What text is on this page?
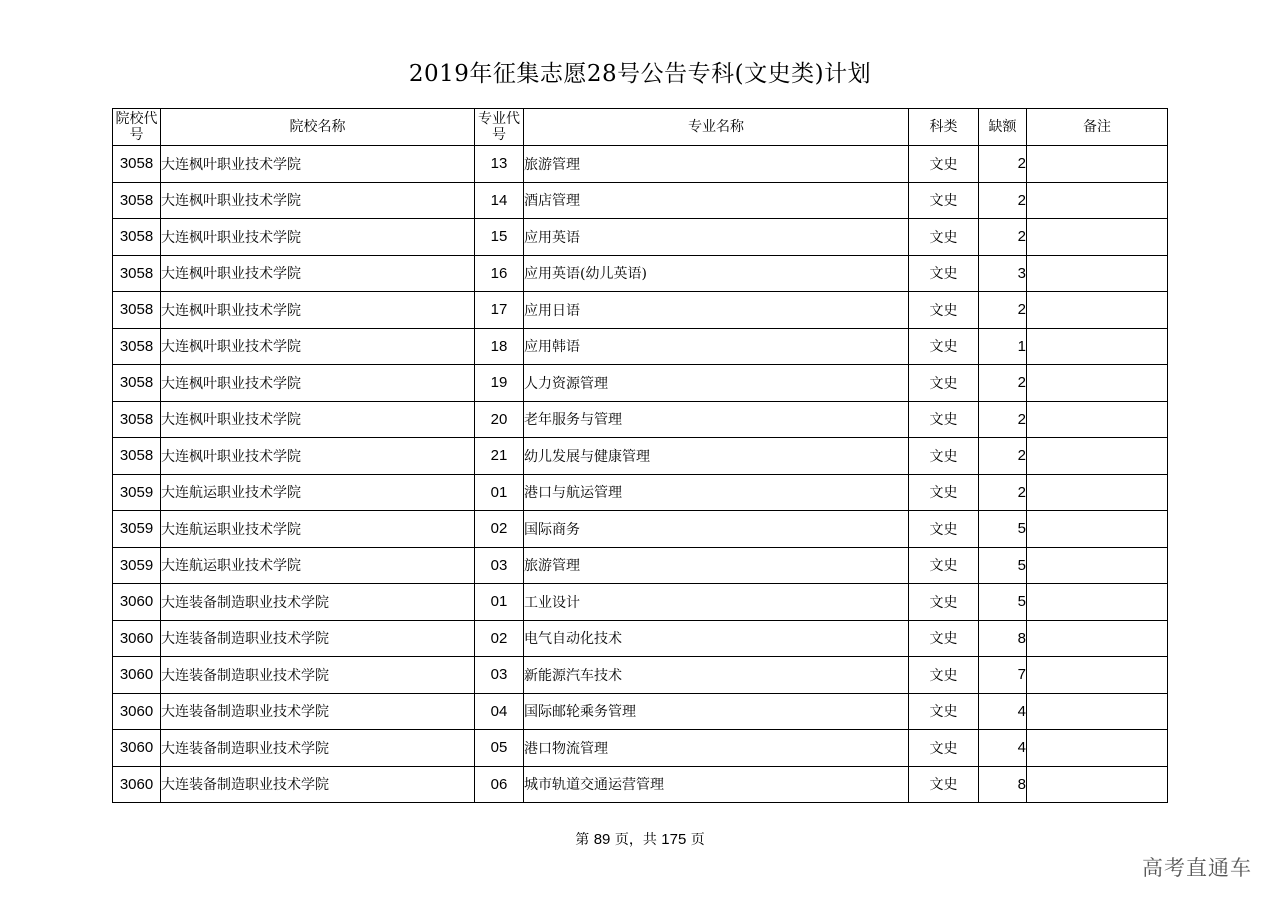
2019年征集志愿28号公告专科(文史类)计划
院校代号	院校名称	专业代号	专业名称	科类	缺额	备注
3058	大连枫叶职业技术学院	13	旅游管理	文史	2	
3058	大连枫叶职业技术学院	14	酒店管理	文史	2	
3058	大连枫叶职业技术学院	15	应用英语	文史	2	
3058	大连枫叶职业技术学院	16	应用英语(幼儿英语)	文史	3	
3058	大连枫叶职业技术学院	17	应用日语	文史	2	
3058	大连枫叶职业技术学院	18	应用韩语	文史	1	
3058	大连枫叶职业技术学院	19	人力资源管理	文史	2	
3058	大连枫叶职业技术学院	20	老年服务与管理	文史	2	
3058	大连枫叶职业技术学院	21	幼儿发展与健康管理	文史	2	
3059	大连航运职业技术学院	01	港口与航运管理	文史	2	
3059	大连航运职业技术学院	02	国际商务	文史	5	
3059	大连航运职业技术学院	03	旅游管理	文史	5	
3060	大连装备制造职业技术学院	01	工业设计	文史	5	
3060	大连装备制造职业技术学院	02	电气自动化技术	文史	8	
3060	大连装备制造职业技术学院	03	新能源汽车技术	文史	7	
3060	大连装备制造职业技术学院	04	国际邮轮乘务管理	文史	4	
3060	大连装备制造职业技术学院	05	港口物流管理	文史	4	
3060	大连装备制造职业技术学院	06	城市轨道交通运营管理	文史	8	
第 89 页，共 175 页
高考直通车
